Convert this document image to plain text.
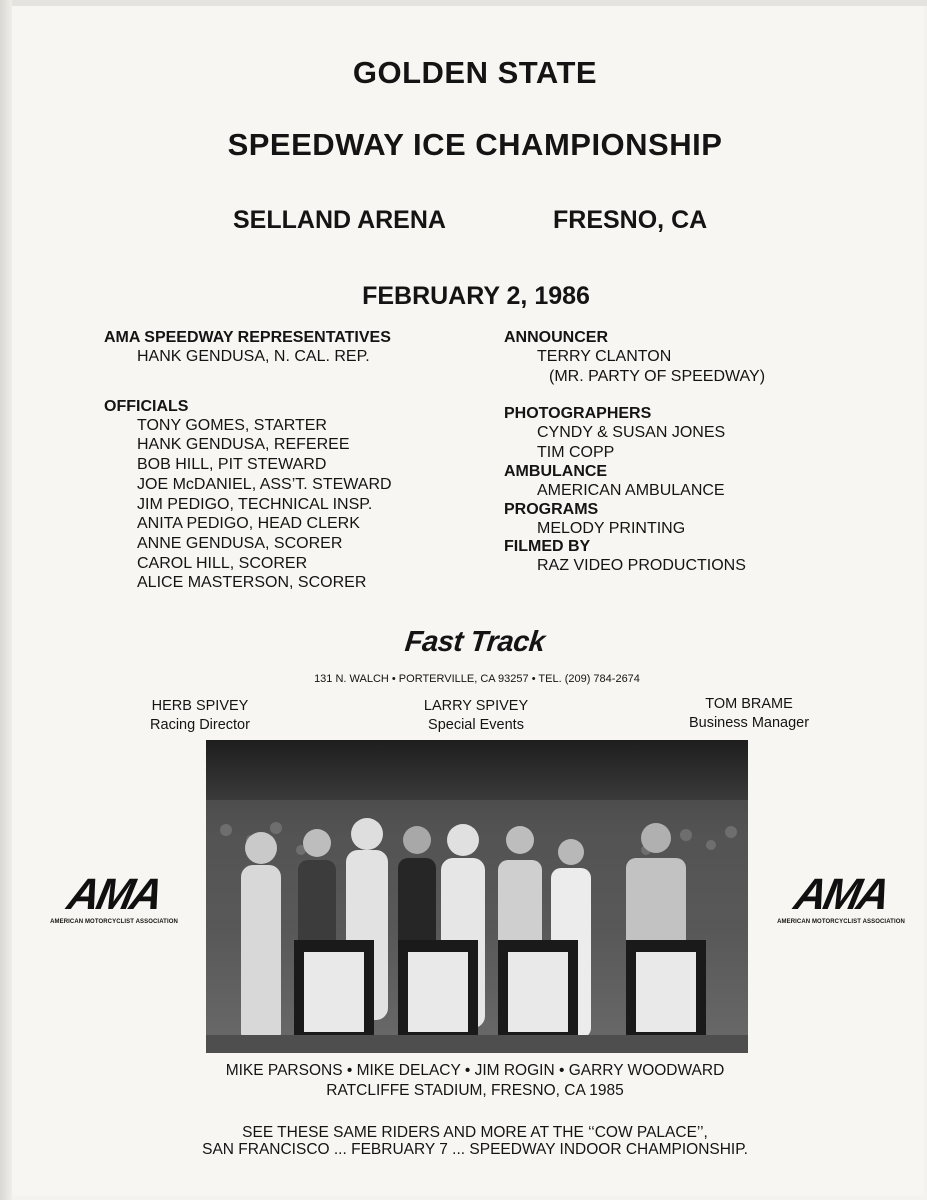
GOLDEN STATE
SPEEDWAY ICE CHAMPIONSHIP
SELLAND ARENA	FRESNO, CA
FEBRUARY 2, 1986
AMA SPEEDWAY REPRESENTATIVES
HANK GENDUSA, N. CAL. REP.
OFFICIALS
TONY GOMES, STARTER
HANK GENDUSA, REFEREE
BOB HILL, PIT STEWARD
JOE McDANIEL, ASS’T. STEWARD
JIM PEDIGO, TECHNICAL INSP.
ANITA PEDIGO, HEAD CLERK
ANNE GENDUSA, SCORER
CAROL HILL, SCORER
ALICE MASTERSON, SCORER
ANNOUNCER
TERRY CLANTON
(MR. PARTY OF SPEEDWAY)
PHOTOGRAPHERS
CYNDY & SUSAN JONES
TIM COPP
AMBULANCE
AMERICAN AMBULANCE
PROGRAMS
MELODY PRINTING
FILMED BY
RAZ VIDEO PRODUCTIONS
Fast Track
131 N. WALCH • PORTERVILLE, CA 93257 • TEL. (209) 784-2674
HERB SPIVEY
Racing Director
LARRY SPIVEY
Special Events
TOM BRAME
Business Manager
AMA
AMERICAN MOTORCYCLIST ASSOCIATION
AMA
AMERICAN MOTORCYCLIST ASSOCIATION
MIKE PARSONS • MIKE DELACY • JIM ROGIN • GARRY WOODWARD
RATCLIFFE STADIUM, FRESNO, CA 1985
SEE THESE SAME RIDERS AND MORE AT THE ‘‘COW PALACE’’,
SAN FRANCISCO ... FEBRUARY 7 ... SPEEDWAY INDOOR CHAMPIONSHIP.
